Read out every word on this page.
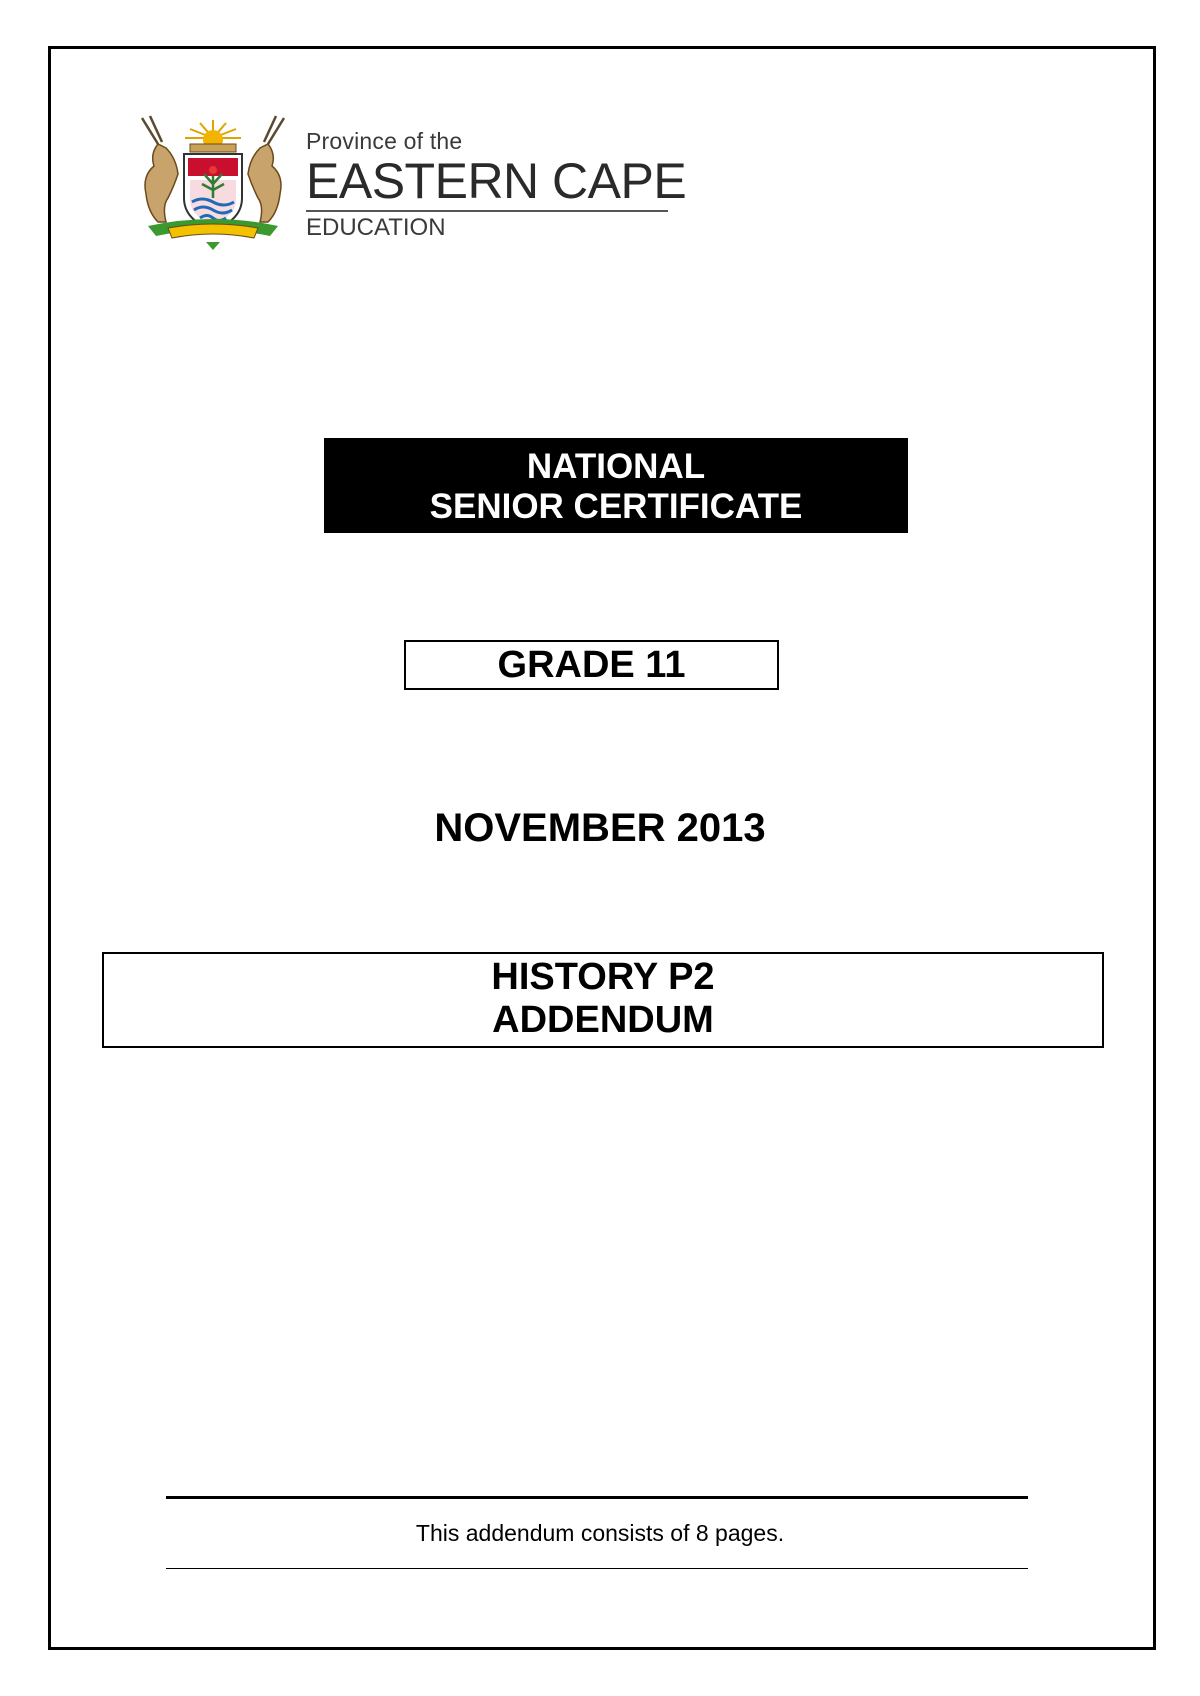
Province of the
EASTERN CAPE
EDUCATION
NATIONAL
SENIOR CERTIFICATE
GRADE 11
NOVEMBER 2013
HISTORY P2
ADDENDUM
This addendum consists of 8 pages.
